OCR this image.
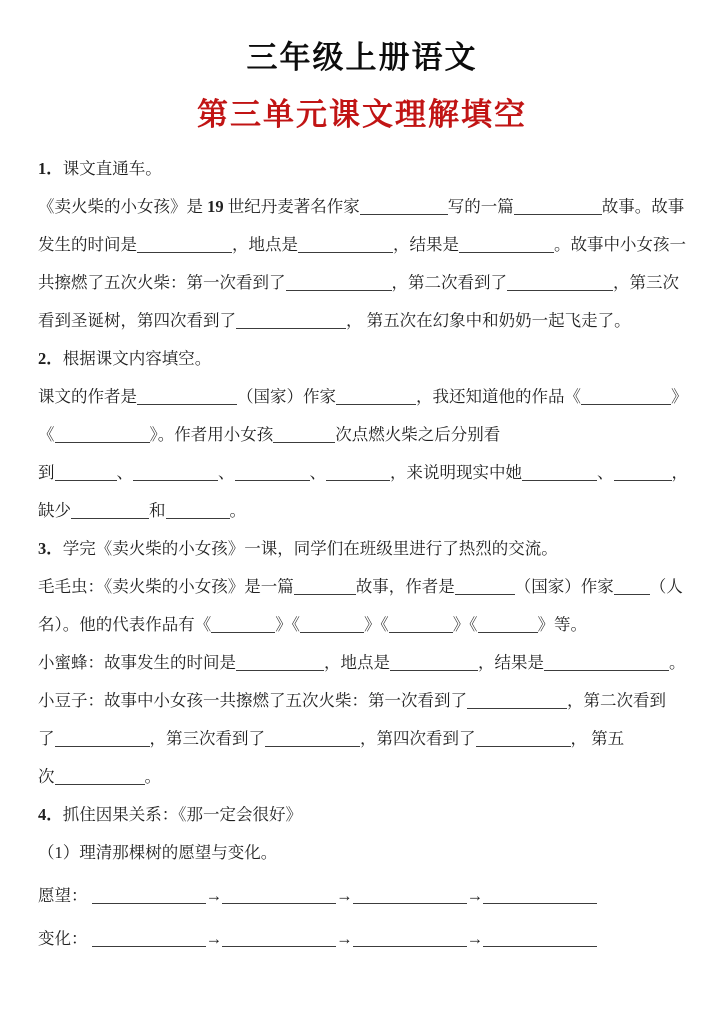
三年级上册语文
第三单元课文理解填空
1．课文直通车。
《卖火柴的小女孩》是 19 世纪丹麦著名作家	写的一篇	故事。故事
发生的时间是	，地点是	，结果是	。故事中小女孩一
共擦燃了五次火柴：第一次看到了	，第二次看到了	，第三次
看到圣诞树，第四次看到了	， 第五次在幻象中和奶奶一起飞走了。
2．根据课文内容填空。
课文的作者是	（国家）作家	，我还知道他的作品《	》
《	》。作者用小女孩	次点燃火柴之后分别看
到	、	、	、	，来说明现实中她	、	，
缺少	和	。
3．学完《卖火柴的小女孩》一课，同学们在班级里进行了热烈的交流。
毛毛虫：《卖火柴的小女孩》是一篇	故事，作者是	（国家）作家 （人
名）。他的代表作品有《	》《	》《	》《	》等。
小蜜蜂：故事发生的时间是	，地点是	，结果是	。
小豆子：故事中小女孩一共擦燃了五次火柴：第一次看到了	，第二次看到
了	，第三次看到了	，第四次看到了	， 第五
次	。
4．抓住因果关系：《那一定会很好》
（1）理清那棵树的愿望与变化。
愿望：	→	→	→
变化：	→	→	→
